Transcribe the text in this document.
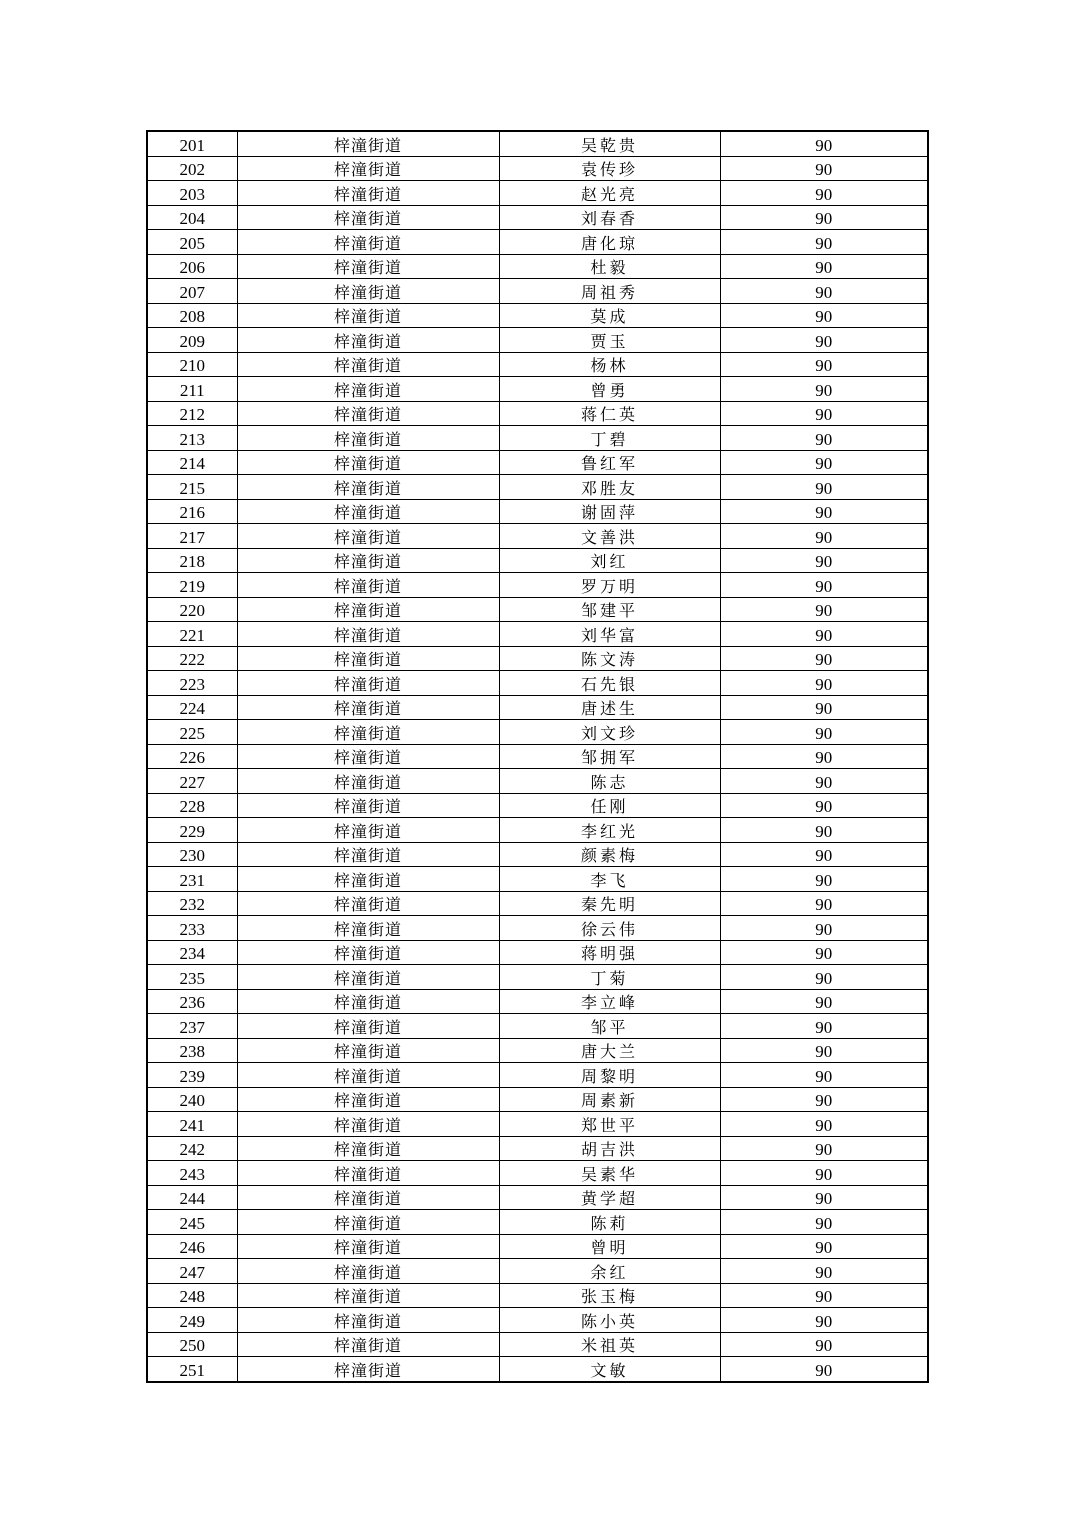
201	梓潼街道	吴乾贵	90
202	梓潼街道	袁传珍	90
203	梓潼街道	赵光亮	90
204	梓潼街道	刘春香	90
205	梓潼街道	唐化琼	90
206	梓潼街道	杜毅	90
207	梓潼街道	周祖秀	90
208	梓潼街道	莫成	90
209	梓潼街道	贾玉	90
210	梓潼街道	杨林	90
211	梓潼街道	曾勇	90
212	梓潼街道	蒋仁英	90
213	梓潼街道	丁碧	90
214	梓潼街道	鲁红军	90
215	梓潼街道	邓胜友	90
216	梓潼街道	谢固萍	90
217	梓潼街道	文善洪	90
218	梓潼街道	刘红	90
219	梓潼街道	罗万明	90
220	梓潼街道	邹建平	90
221	梓潼街道	刘华富	90
222	梓潼街道	陈文涛	90
223	梓潼街道	石先银	90
224	梓潼街道	唐述生	90
225	梓潼街道	刘文珍	90
226	梓潼街道	邹拥军	90
227	梓潼街道	陈志	90
228	梓潼街道	任刚	90
229	梓潼街道	李红光	90
230	梓潼街道	颜素梅	90
231	梓潼街道	李飞	90
232	梓潼街道	秦先明	90
233	梓潼街道	徐云伟	90
234	梓潼街道	蒋明强	90
235	梓潼街道	丁菊	90
236	梓潼街道	李立峰	90
237	梓潼街道	邹平	90
238	梓潼街道	唐大兰	90
239	梓潼街道	周黎明	90
240	梓潼街道	周素新	90
241	梓潼街道	郑世平	90
242	梓潼街道	胡吉洪	90
243	梓潼街道	吴素华	90
244	梓潼街道	黄学超	90
245	梓潼街道	陈莉	90
246	梓潼街道	曾明	90
247	梓潼街道	余红	90
248	梓潼街道	张玉梅	90
249	梓潼街道	陈小英	90
250	梓潼街道	米祖英	90
251	梓潼街道	文敏	90
